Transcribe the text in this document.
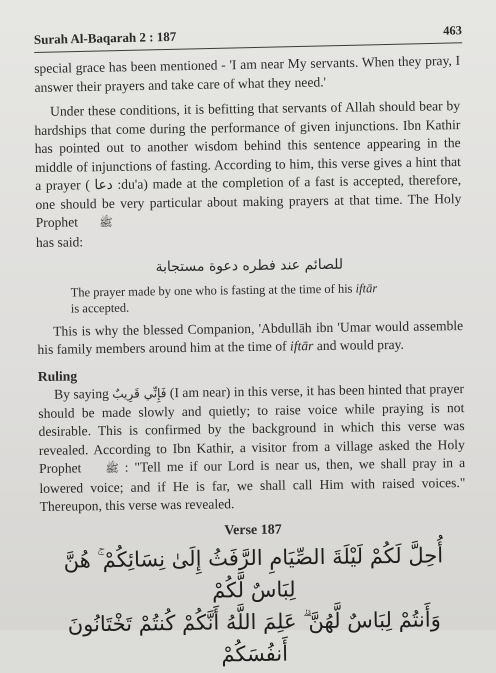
Surah Al-Baqarah 2 : 187	463

special grace has been mentioned - 'I am near My servants. When they pray, I answer their prayers and take care of what they need.'

Under these conditions, it is befitting that servants of Allah should bear by hardships that come during the performance of given injunctions. Ibn Kathir has pointed out to another wisdom behind this sentence appearing in the middle of injunctions of fasting. According to him, this verse gives a hint that a prayer ( دعا :du'a) made at the completion of a fast is accepted, therefore, one should be very particular about making prayers at that time. The Holy Prophet ﷺ
has said:

للصائم عند فطره دعوة مستجابة
The prayer made by one who is fasting at the time of his iftār
is accepted.

This is why the blessed Companion, 'Abdullāh ibn 'Umar would assemble his family members around him at the time of iftār and would pray.

Ruling

By saying فَإِنِّي قَرِيبٌ (I am near) in this verse, it has been hinted that prayer should be made slowly and quietly; to raise voice while praying is not desirable. This is confirmed by the background in which this verse was revealed. According to Ibn Kathir, a visitor from a village asked the Holy Prophet ﷺ : "Tell me if our Lord is near us, then, we shall pray in a lowered voice; and if He is far, we shall call Him with raised voices." Thereupon, this verse was revealed.

Verse 187

أُحِلَّ لَكُمْ لَيْلَةَ الصِّيَامِ الرَّفَثُ إِلَىٰ نِسَائِكُمْ ۚ هُنَّ لِبَاسٌ لَّكُمْ
وَأَنتُمْ لِبَاسٌ لَّهُنَّ ۗ عَلِمَ اللَّهُ أَنَّكُمْ كُنتُمْ تَخْتَانُونَ أَنفُسَكُمْ
